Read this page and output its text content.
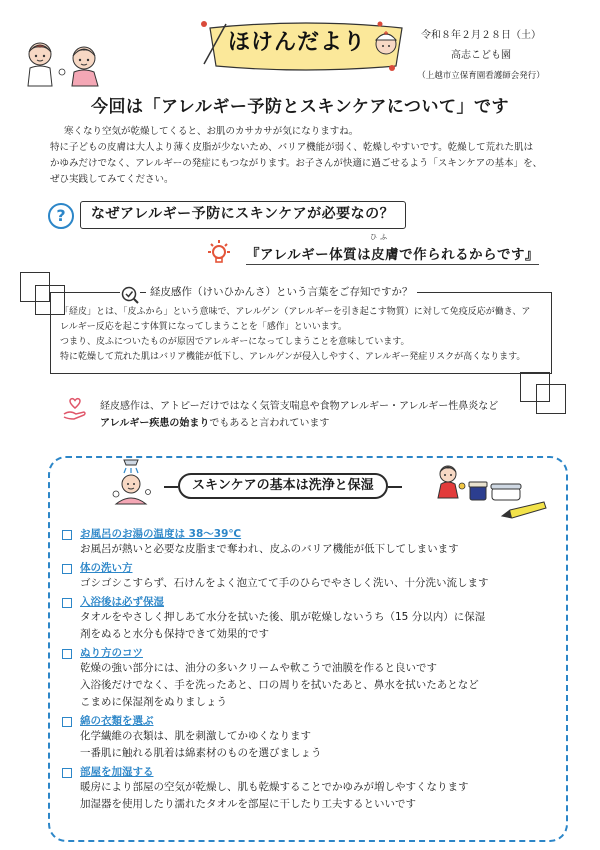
ほけんだより	令和８年２月２８日（土）
高志こども園
（上越市立保育園看護師会発行）
今回は「アレルギー予防とスキンケアについて」です

寒くなり空気が乾燥してくると、お肌のカサカサが気になりますね。

特に子どもの皮膚は大人より薄く皮脂が少ないため、バリア機能が弱く、乾燥しやすいです。乾燥して荒れた肌は

かゆみだけでなく、アレルギーの発症にもつながります。お子さんが快適に過ごせるよう「スキンケアの基本」を、

ぜひ実践してみてください。

?	なぜアレルギー予防にスキンケアが必要なの？
ひふ
『アレルギー体質は皮膚で作られるからです』
経皮感作（けいひかんさ）という言葉をご存知ですか？

「経皮」とは、「皮ふから」という意味で、アレルゲン（アレルギーを引き起こす物質）に対して免疫反応が働き、ア

レルギー反応を起こす体質になってしまうことを「感作」といいます。

つまり、皮ふについたものが原因でアレルギーになってしまうことを意味しています。

特に乾燥して荒れた肌はバリア機能が低下し、アレルゲンが侵入しやすく、アレルギー発症リスクが高くなります。

経皮感作は、アトピーだけではなく気管支喘息や食物アレルギー・アレルギー性鼻炎など

アレルギー疾患の始まりでもあると言われています

スキンケアの基本は洗浄と保湿
お風呂のお湯の温度は 38～39℃
お風呂が熱いと必要な皮脂まで奪われ、皮ふのバリア機能が低下してしまいます
体の洗い方
ゴシゴシこすらず、石けんをよく泡立てて手のひらでやさしく洗い、十分洗い流します
入浴後は必ず保湿
タオルをやさしく押しあて水分を拭いた後、肌が乾燥しないうち（15 分以内）に保湿
剤をぬると水分も保持できて効果的です
ぬり方のコツ
乾燥の強い部分には、油分の多いクリームや軟こうで油膜を作ると良いです
入浴後だけでなく、手を洗ったあと、口の周りを拭いたあと、鼻水を拭いたあとなど
こまめに保湿剤をぬりましょう
綿の衣類を選ぶ
化学繊維の衣類は、肌を刺激してかゆくなります
一番肌に触れる肌着は綿素材のものを選びましょう
部屋を加湿する
暖房により部屋の空気が乾燥し、肌も乾燥することでかゆみが増しやすくなります
加湿器を使用したり濡れたタオルを部屋に干したり工夫するといいです
